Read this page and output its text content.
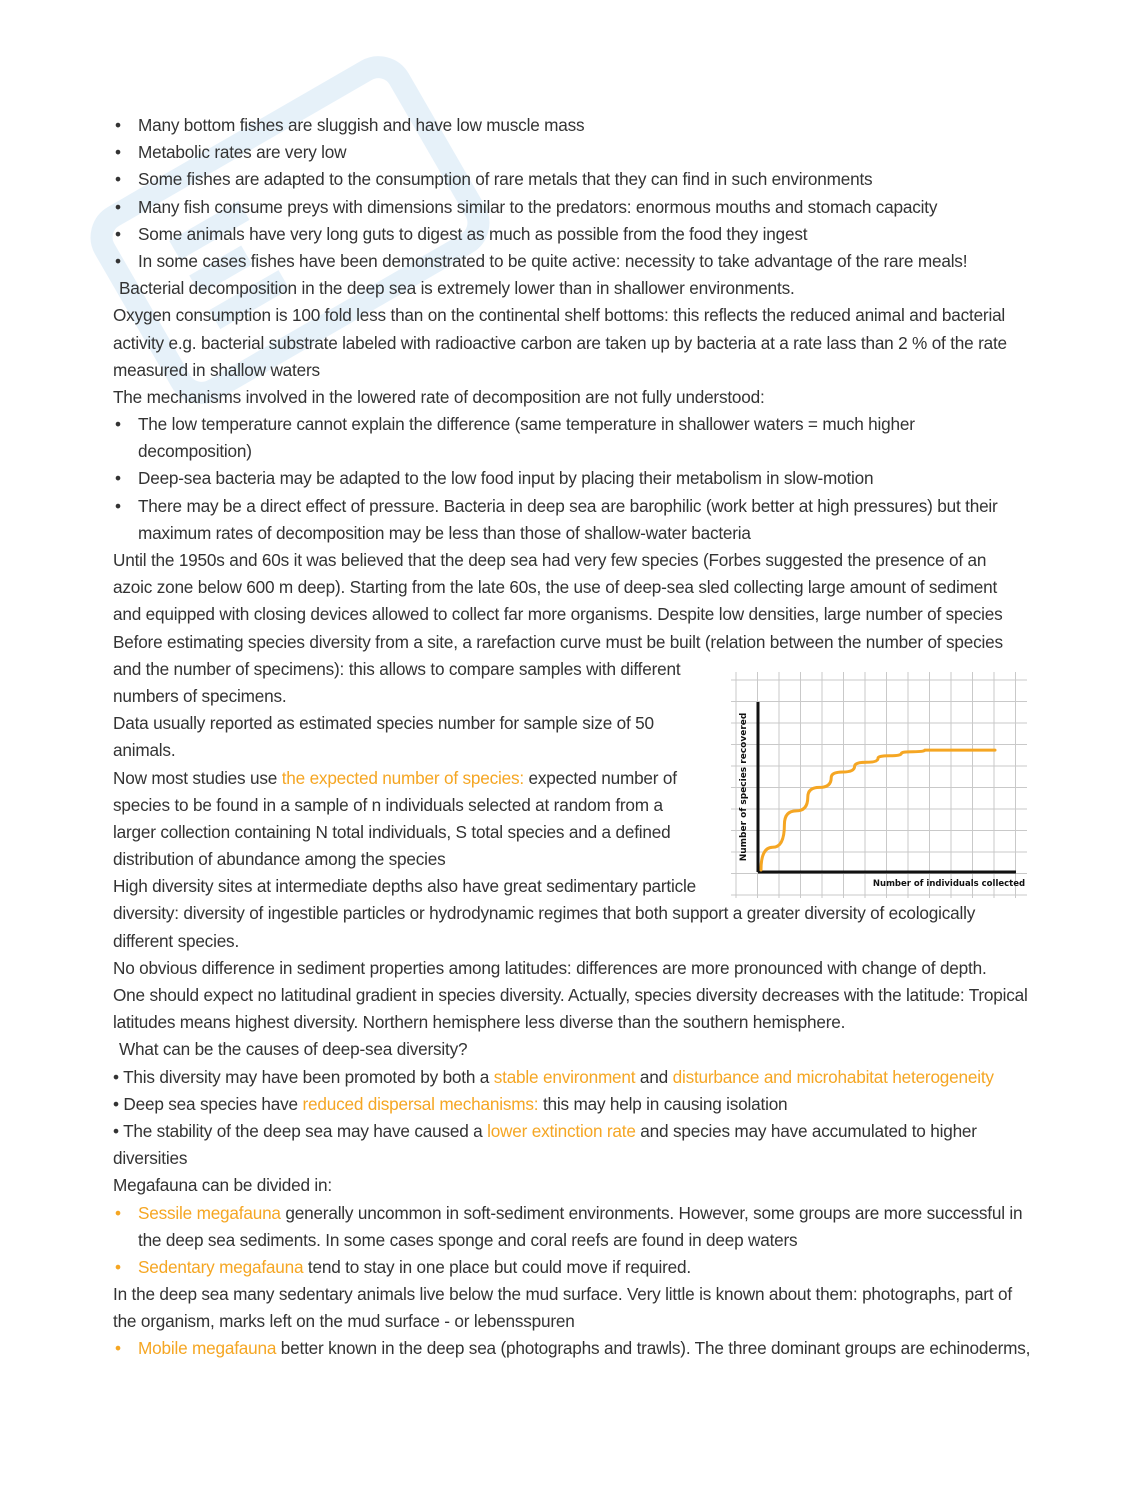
• Many bottom fishes are sluggish and have low muscle mass
• Metabolic rates are very low
• Some fishes are adapted to the consumption of rare metals that they can find in such environments
• Many fish consume preys with dimensions similar to the predators: enormous mouths and stomach capacity
• Some animals have very long guts to digest as much as possible from the food they ingest
• In some cases fishes have been demonstrated to be quite active: necessity to take advantage of the rare meals!
Bacterial decomposition in the deep sea is extremely lower than in shallower environments.
Oxygen consumption is 100 fold less than on the continental shelf bottoms: this reflects the reduced animal and bacterial
activity e.g. bacterial substrate labeled with radioactive carbon are taken up by bacteria at a rate lass than 2 % of the rate
measured in shallow waters
The mechanisms involved in the lowered rate of decomposition are not fully understood:
• The low temperature cannot explain the difference (same temperature in shallower waters = much higher
decomposition)
• Deep-sea bacteria may be adapted to the low food input by placing their metabolism in slow-motion
• There may be a direct effect of pressure. Bacteria in deep sea are barophilic (work better at high pressures) but their
maximum rates of decomposition may be less than those of shallow-water bacteria
Until the 1950s and 60s it was believed that the deep sea had very few species (Forbes suggested the presence of an
azoic zone below 600 m deep). Starting from the late 60s, the use of deep-sea sled collecting large amount of sediment
and equipped with closing devices allowed to collect far more organisms. Despite low densities, large number of species
Before estimating species diversity from a site, a rarefaction curve must be built (relation between the number of species
and the number of specimens): this allows to compare samples with different
numbers of specimens.
Data usually reported as estimated species number for sample size of 50
animals.
Now most studies use the expected number of species: expected number of
species to be found in a sample of n individuals selected at random from a
larger collection containing N total individuals, S total species and a defined
distribution of abundance among the species
High diversity sites at intermediate depths also have great sedimentary particle
diversity: diversity of ingestible particles or hydrodynamic regimes that both support a greater diversity of ecologically
different species.
No obvious difference in sediment properties among latitudes: differences are more pronounced with change of depth.
One should expect no latitudinal gradient in species diversity. Actually, species diversity decreases with the latitude: Tropical
latitudes means highest diversity. Northern hemisphere less diverse than the southern hemisphere.
What can be the causes of deep-sea diversity?
• This diversity may have been promoted by both a stable environment and disturbance and microhabitat heterogeneity
• Deep sea species have reduced dispersal mechanisms: this may help in causing isolation
• The stability of the deep sea may have caused a lower extinction rate and species may have accumulated to higher
diversities
Megafauna can be divided in:
• Sessile megafauna generally uncommon in soft-sediment environments. However, some groups are more successful in
the deep sea sediments. In some cases sponge and coral reefs are found in deep waters
• Sedentary megafauna tend to stay in one place but could move if required.
In the deep sea many sedentary animals live below the mud surface. Very little is known about them: photographs, part of
the organism, marks left on the mud surface - or lebensspuren
• Mobile megafauna better known in the deep sea (photographs and trawls). The three dominant groups are echinoderms,
Number of species recovered
Number of individuals collected
